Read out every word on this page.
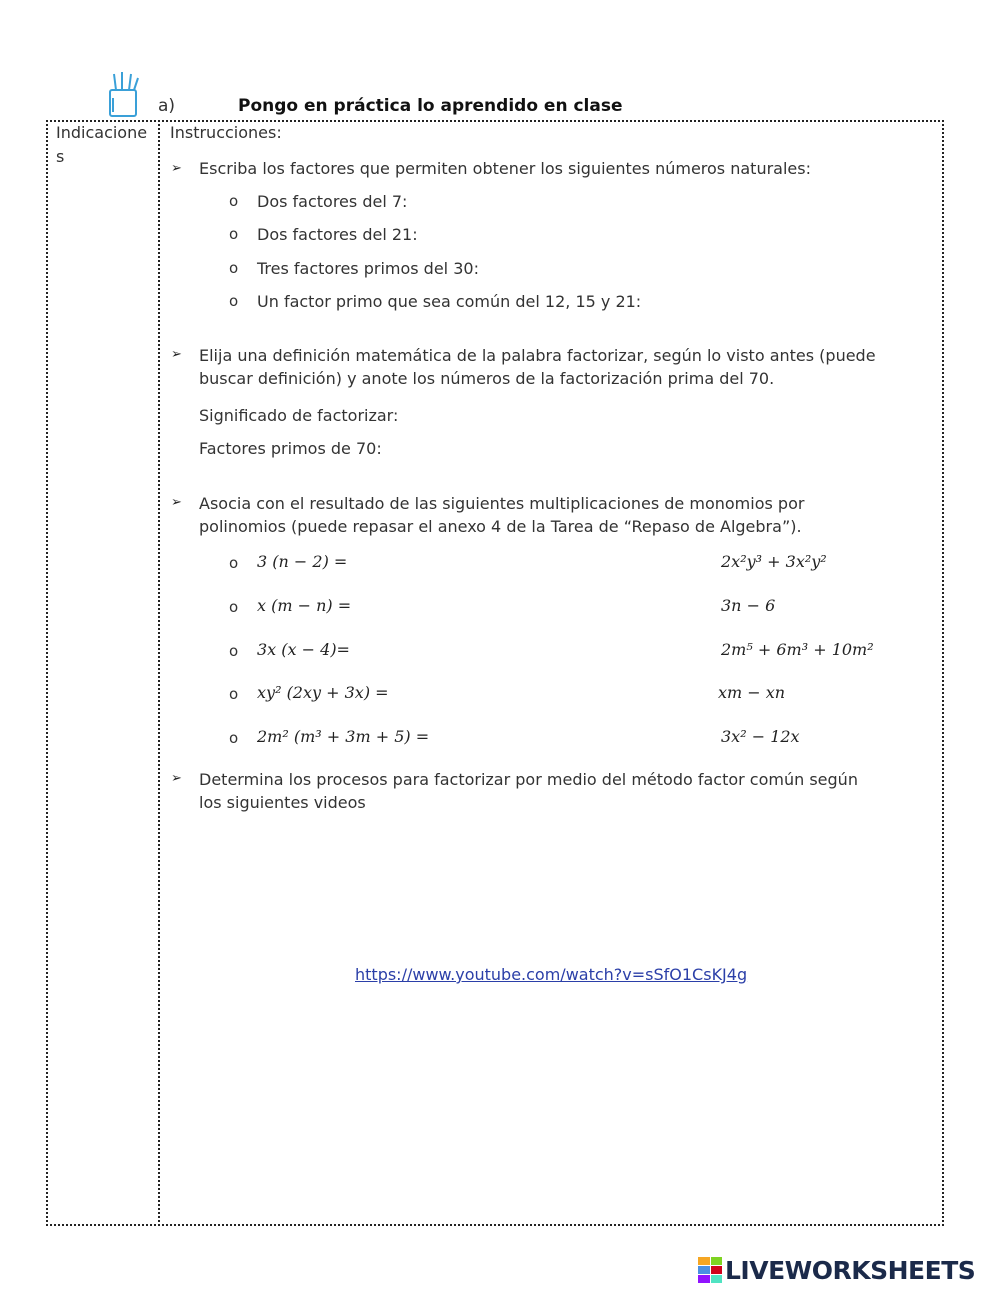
a)	Pongo en práctica lo aprendido en clase
Indicaciones
Instrucciones:
➢ Escriba los factores que permiten obtener los siguientes números naturales:
o Dos factores del 7:
o Dos factores del 21:
o Tres factores primos del 30:
o Un factor primo que sea común del 12, 15 y 21:
➢ Elija una definición matemática de la palabra factorizar, según lo visto antes (puede
buscar definición) y anote los números de la factorización prima del 70.
Significado de factorizar:
Factores primos de 70:
➢ Asocia con el resultado de las siguientes multiplicaciones de monomios por
polinomios (puede repasar el anexo 4 de la Tarea de “Repaso de Algebra”).
o 3 (n − 2) =	2x²y³ + 3x²y²
o x (m − n) =	3n − 6
o 3x (x − 4)=	2m⁵ + 6m³ + 10m²
o xy² (2xy + 3x) =	xm − xn
o 2m² (m³ + 3m + 5) =	3x² − 12x
➢ Determina los procesos para factorizar por medio del método factor común según
los siguientes videos
https://www.youtube.com/watch?v=sSfO1CsKJ4g
LIVEWORKSHEETS
